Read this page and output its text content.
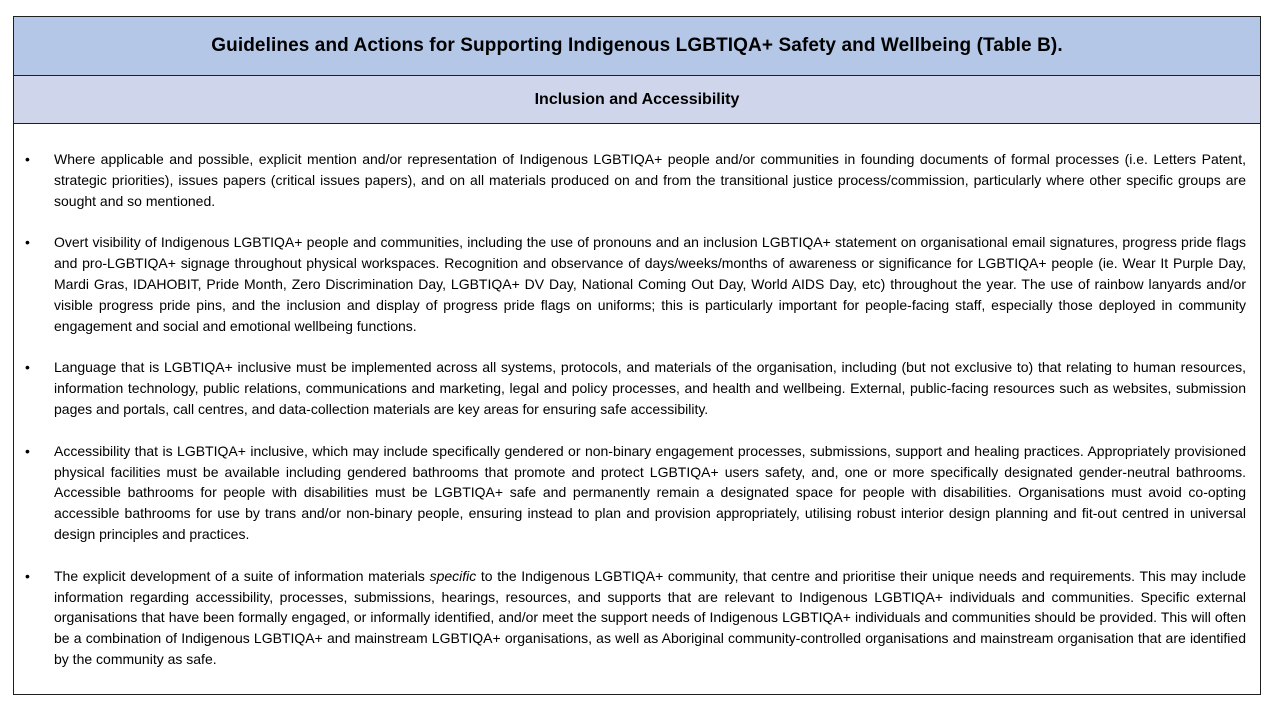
Guidelines and Actions for Supporting Indigenous LGBTIQA+ Safety and Wellbeing (Table B).
Inclusion and Accessibility
•	Where applicable and possible, explicit mention and/or representation of Indigenous LGBTIQA+ people and/or communities in founding documents of formal processes (i.e. Letters Patent, strategic priorities), issues papers (critical issues papers), and on all materials produced on and from the transitional justice process/commission, particularly where other specific groups are sought and so mentioned.
•	Overt visibility of Indigenous LGBTIQA+ people and communities, including the use of pronouns and an inclusion LGBTIQA+ statement on organisational email signatures, progress pride flags and pro-LGBTIQA+ signage throughout physical workspaces. Recognition and observance of days/weeks/months of awareness or significance for LGBTIQA+ people (ie. Wear It Purple Day, Mardi Gras, IDAHOBIT, Pride Month, Zero Discrimination Day, LGBTIQA+ DV Day, National Coming Out Day, World AIDS Day, etc) throughout the year. The use of rainbow lanyards and/or visible progress pride pins, and the inclusion and display of progress pride flags on uniforms; this is particularly important for people-facing staff, especially those deployed in community engagement and social and emotional wellbeing functions.
•	Language that is LGBTIQA+ inclusive must be implemented across all systems, protocols, and materials of the organisation, including (but not exclusive to) that relating to human resources, information technology, public relations, communications and marketing, legal and policy processes, and health and wellbeing. External, public-facing resources such as websites, submission pages and portals, call centres, and data-collection materials are key areas for ensuring safe accessibility.
•	Accessibility that is LGBTIQA+ inclusive, which may include specifically gendered or non-binary engagement processes, submissions, support and healing practices. Appropriately provisioned physical facilities must be available including gendered bathrooms that promote and protect LGBTIQA+ users safety, and, one or more specifically designated gender-neutral bathrooms. Accessible bathrooms for people with disabilities must be LGBTIQA+ safe and permanently remain a designated space for people with disabilities. Organisations must avoid co-opting accessible bathrooms for use by trans and/or non-binary people, ensuring instead to plan and provision appropriately, utilising robust interior design planning and fit-out centred in universal design principles and practices.
•	The explicit development of a suite of information materials specific to the Indigenous LGBTIQA+ community, that centre and prioritise their unique needs and requirements. This may include information regarding accessibility, processes, submissions, hearings, resources, and supports that are relevant to Indigenous LGBTIQA+ individuals and communities. Specific external organisations that have been formally engaged, or informally identified, and/or meet the support needs of Indigenous LGBTIQA+ individuals and communities should be provided. This will often be a combination of Indigenous LGBTIQA+ and mainstream LGBTIQA+ organisations, as well as Aboriginal community-controlled organisations and mainstream organisation that are identified by the community as safe.
